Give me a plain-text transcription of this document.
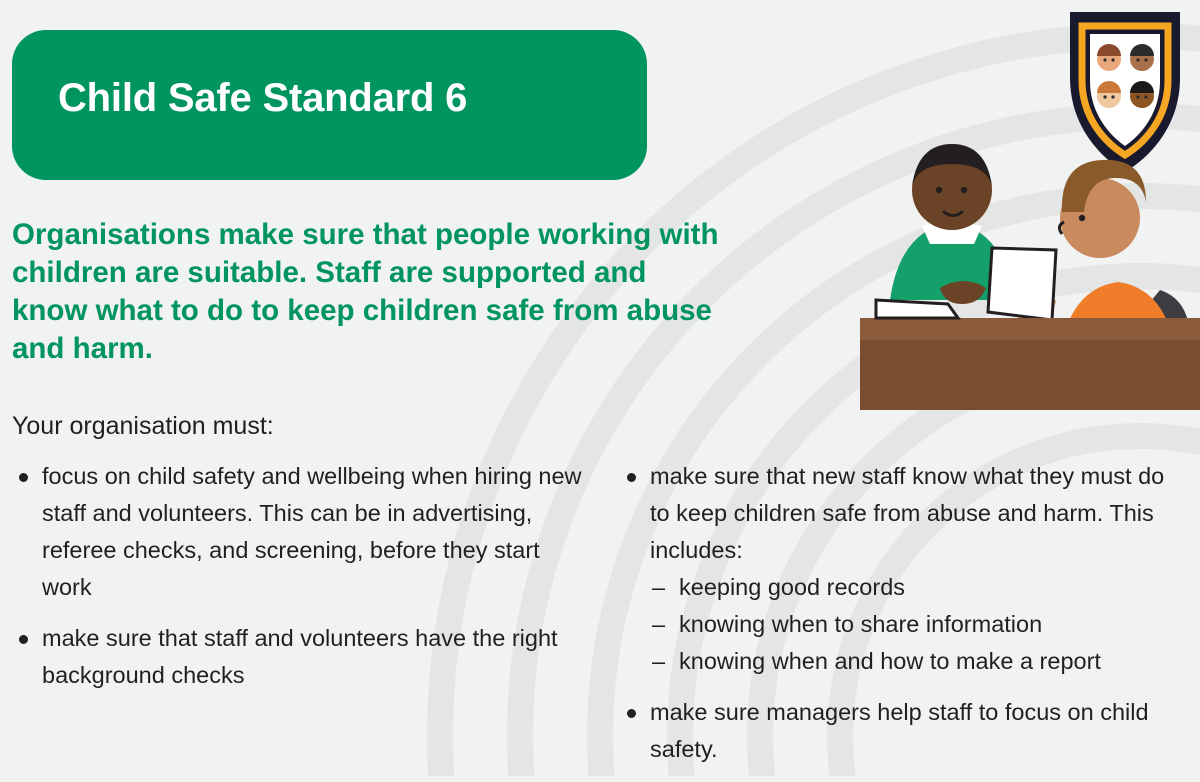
Child Safe Standard 6
Organisations make sure that people working with children are suitable. Staff are supported and know what to do to keep children safe from abuse and harm.
Your organisation must:
focus on child safety and wellbeing when hiring new staff and volunteers. This can be in advertising, referee checks, and screening, before they start work
make sure that staff and volunteers have the right background checks
make sure that new staff know what they must do to keep children safe from abuse and harm. This includes:
– keeping good records
– knowing when to share information
– knowing when and how to make a report
make sure managers help staff to focus on child safety.
